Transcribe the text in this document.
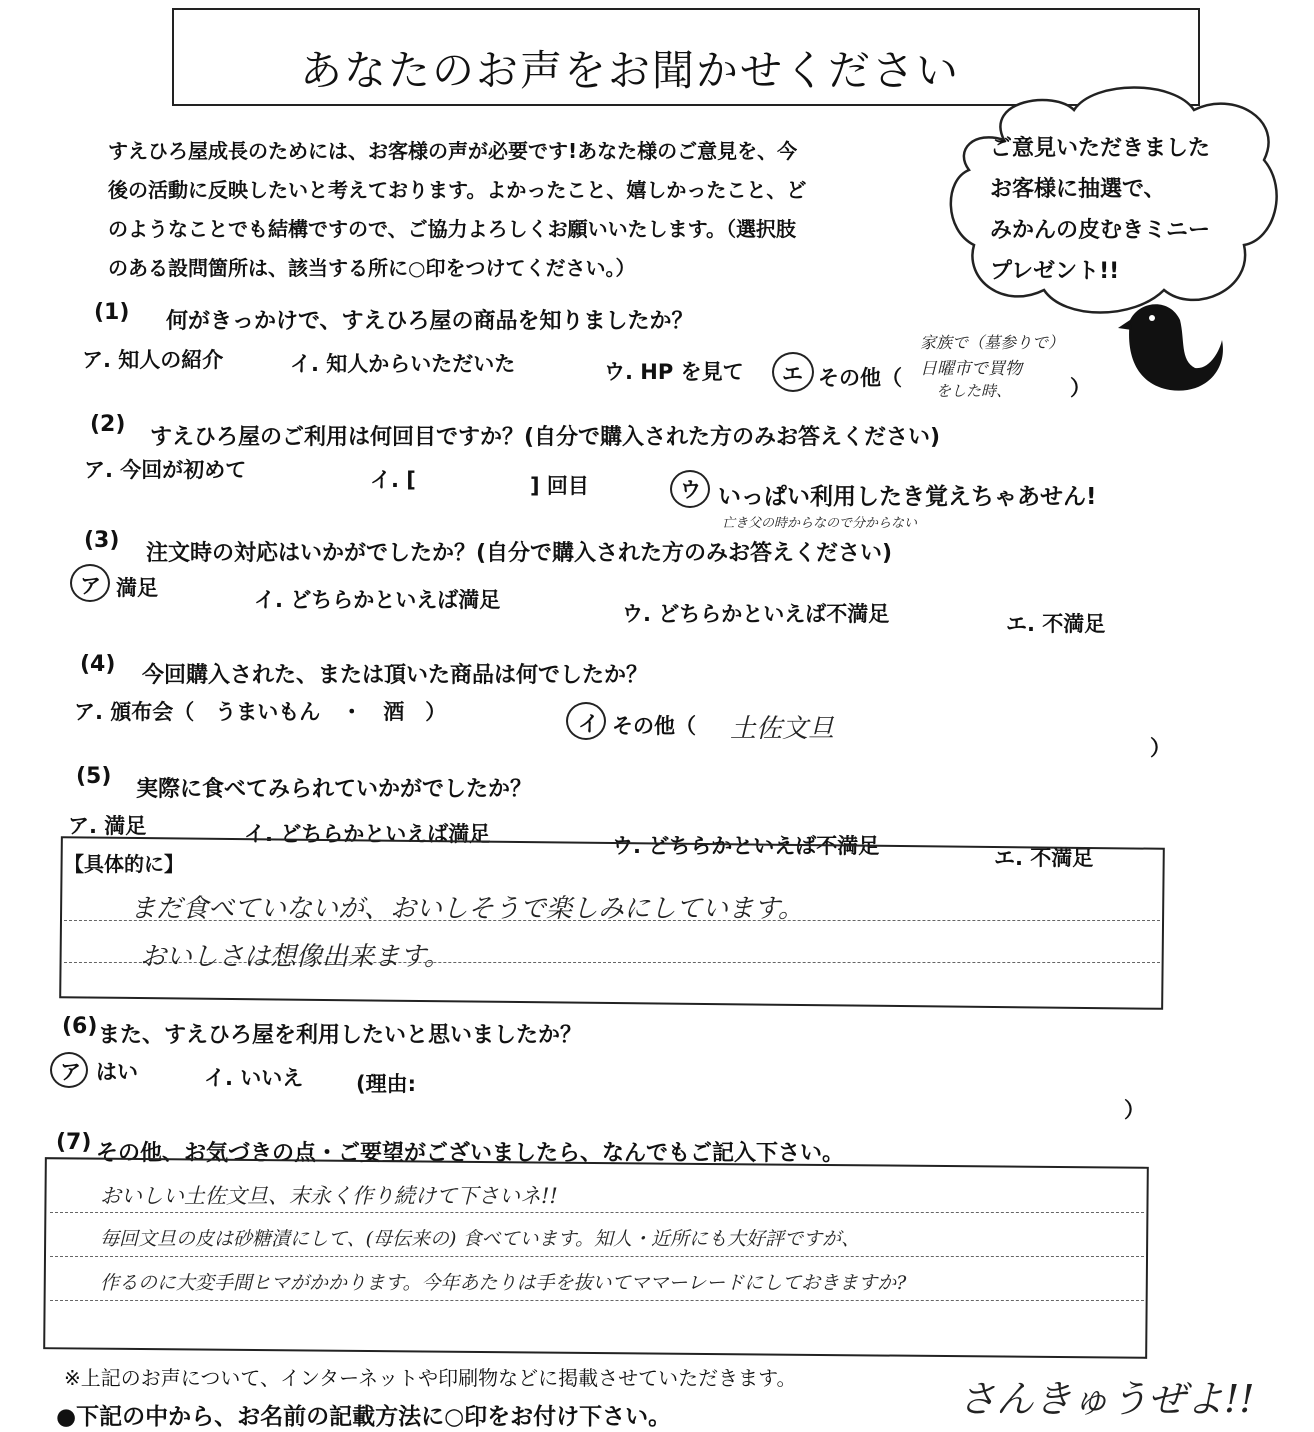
あなたのお声をお聞かせください
すえひろ屋成長のためには、お客様の声が必要です!あなた様のご意見を、今
後の活動に反映したいと考えております。よかったこと、嬉しかったこと、ど
のようなことでも結構ですので、ご協力よろしくお願いいたします。（選択肢
のある設問箇所は、該当する所に○印をつけてください。）
ご意見いただきました
お客様に抽選で、
みかんの皮むきミニー
プレゼント!!
(1) 何がきっかけで、すえひろ屋の商品を知りましたか？
ア. 知人の紹介	イ. 知人からいただいた	ウ. HP を見て エ その他（
家族で（墓参りで）
日曜市で買物
をした時、	）
(2)
すえひろ屋のご利用は何回目ですか？(自分で購入された方のみお答えください)
ア. 今回が初めて	イ. [	] 回目	ウ いっぱい利用したき覚えちゃあせん!
亡き父の時からなので分からない
(3)
注文時の対応はいかがでしたか？(自分で購入された方のみお答えください)
ア 満足	イ. どちらかといえば満足
ウ. どちらかといえば不満足	エ. 不満足
(4) 今回購入された、または頂いた商品は何でしたか？
ア. 頒布会（　うまいもん　・　酒　）	イ その他（ 土佐文旦
）
(5)
実際に食べてみられていかがでしたか？
ア. 満足	イ. どちらかといえば満足	ウ. どちらかといえば不満足	エ. 不満足
【具体的に】
まだ食べていないが、おいしそうで楽しみにしています。
おいしさは想像出来ます。
(6) また、すえひろ屋を利用したいと思いましたか？
ア はい	イ. いいえ	(理由:
）
(7) その他、お気づきの点・ご要望がございましたら、なんでもご記入下さい。
おいしい土佐文旦、末永く作り続けて下さいネ!!
毎回文旦の皮は砂糖漬にして、(母伝来の) 食べています。知人・近所にも大好評ですが、
作るのに大変手間ヒマがかかります。今年あたりは手を抜いてママーレードにしておきますか?
※上記のお声について、インターネットや印刷物などに掲載させていただきます。
●下記の中から、お名前の記載方法に○印をお付け下さい。	さんきゅうぜよ!!
